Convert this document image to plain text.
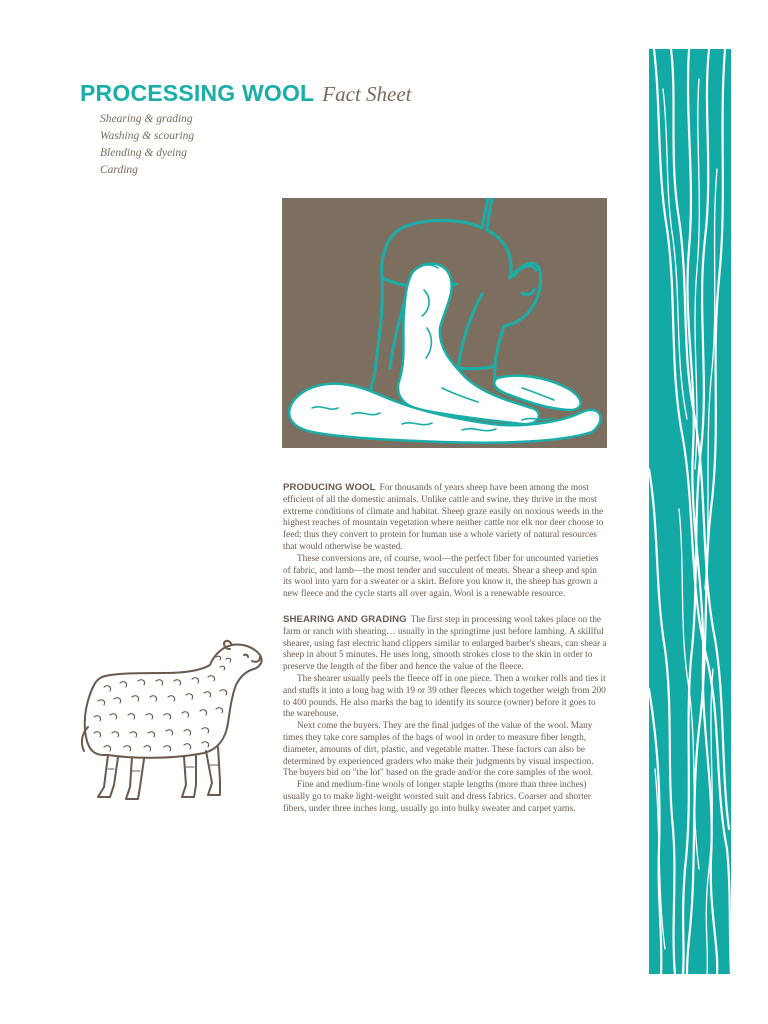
PROCESSING WOOL Fact Sheet
Shearing & grading
Washing & scouring
Blending & dyeing
Carding

PRODUCING WOOL For thousands of years sheep have been among the most efficient of all the domestic animals. Unlike cattle and swine, they thrive in the most extreme conditions of climate and habitat. Sheep graze easily on noxious weeds in the highest reaches of mountain vegetation where neither cattle nor elk nor deer choose to feed; thus they convert to protein for human use a whole variety of natural resources that would otherwise be wasted.

These conversions are, of course, wool—the perfect fiber for uncounted varieties of fabric, and lamb—the most tender and succulent of meats. Shear a sheep and spin its wool into yarn for a sweater or a skirt. Before you know it, the sheep has grown a new fleece and the cycle starts all over again. Wool is a renewable resource.

SHEARING AND GRADING The first step in processing wool takes place on the farm or ranch with shearing… usually in the springtime just before lambing. A skillful shearer, using fast electric hand clippers similar to enlarged barber's shears, can shear a sheep in about 5 minutes. He uses long, smooth strokes close to the skin in order to preserve the length of the fiber and hence the value of the fleece.

The shearer usually peels the fleece off in one piece. Then a worker rolls and ties it and stuffs it into a long bag with 19 or 39 other fleeces which together weigh from 200 to 400 pounds. He also marks the bag to identify its source (owner) before it goes to the warehouse.

Next come the buyers. They are the final judges of the value of the wool. Many times they take core samples of the bags of wool in order to measure fiber length, diameter, amounts of dirt, plastic, and vegetable matter. These factors can also be determined by experienced graders who make their judgments by visual inspection. The buyers bid on "the lot" based on the grade and/or the core samples of the wool.

Fine and medium-fine wools of longer staple lengths (more than three inches) usually go to make light-weight worsted suit and dress fabrics. Coarser and shorter fibers, under three inches long, usually go into bulky sweater and carpet yarns.
